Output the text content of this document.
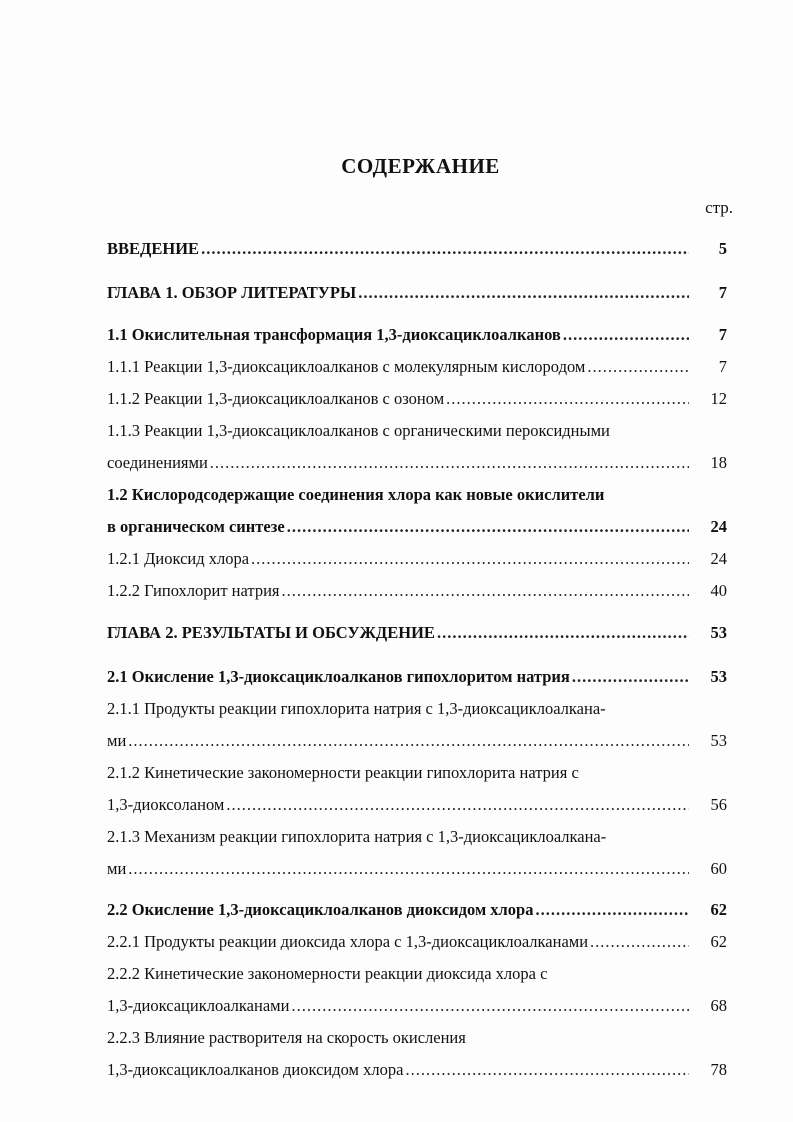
СОДЕРЖАНИЕ
стр.
ВВЕДЕНИЕ .....	5
ГЛАВА 1. ОБЗОР ЛИТЕРАТУРЫ .....	7
1.1 Окислительная трансформация 1,3-диоксациклоалканов .....	7
1.1.1 Реакции 1,3-диоксациклоалканов с молекулярным кислородом .....	7
1.1.2 Реакции 1,3-диоксациклоалканов с озоном .....	12
1.1.3 Реакции 1,3-диоксациклоалканов с органическими пероксидными
соединениями .....	18
1.2 Кислородсодержащие соединения хлора как новые окислители
в органическом синтезе .....	24
1.2.1 Диоксид хлора .....	24
1.2.2 Гипохлорит натрия .....	40
ГЛАВА 2. РЕЗУЛЬТАТЫ И ОБСУЖДЕНИЕ .....	53
2.1 Окисление 1,3-диоксациклоалканов гипохлоритом натрия .....	53
2.1.1 Продукты реакции гипохлорита натрия с 1,3-диоксациклоалкана-
ми .....	53
2.1.2 Кинетические закономерности реакции гипохлорита натрия с
1,3-диоксоланом .....	56
2.1.3 Механизм реакции гипохлорита натрия с 1,3-диоксациклоалкана-
ми .....	60
2.2 Окисление 1,3-диоксациклоалканов диоксидом хлора .....	62
2.2.1 Продукты реакции диоксида хлора с 1,3-диоксациклоалканами .....	62
2.2.2 Кинетические закономерности реакции диоксида хлора с
1,3-диоксациклоалканами .....	68
2.2.3 Влияние растворителя на скорость окисления
1,3-диоксациклоалканов диоксидом хлора .....	78
